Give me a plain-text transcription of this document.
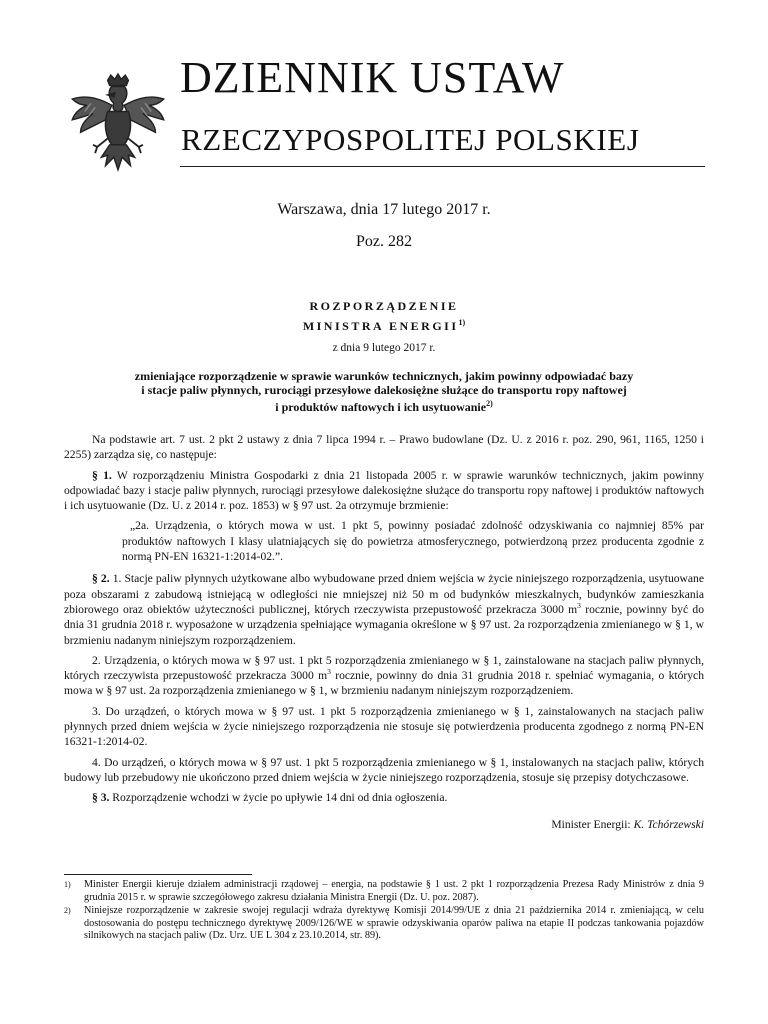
DZIENNIK USTAW
RZECZYPOSPOLITEJ POLSKIEJ
Warszawa, dnia 17 lutego 2017 r.
Poz. 282
ROZPORZĄDZENIE
MINISTRA ENERGII$^{1)}$
z dnia 9 lutego 2017 r.
zmieniające rozporządzenie w sprawie warunków technicznych, jakim powinny odpowiadać bazy
i stacje paliw płynnych, rurociągi przesyłowe dalekosiężne służące do transportu ropy naftowej
i produktów naftowych i ich usytuowanie$^{2)}$

Na podstawie art. 7 ust. 2 pkt 2 ustawy z dnia 7 lipca 1994 r. – Prawo budowlane (Dz. U. z 2016 r. poz. 290, 961, 1165, 1250 i 2255) zarządza się, co następuje:

§ 1. W rozporządzeniu Ministra Gospodarki z dnia 21 listopada 2005 r. w sprawie warunków technicznych, jakim powinny odpowiadać bazy i stacje paliw płynnych, rurociągi przesyłowe dalekosiężne służące do transportu ropy naftowej i produktów naftowych i ich usytuowanie (Dz. U. z 2014 r. poz. 1853) w § 97 ust. 2a otrzymuje brzmienie:

„2a. Urządzenia, o których mowa w ust. 1 pkt 5, powinny posiadać zdolność odzyskiwania co najmniej 85% par produktów naftowych I klasy ulatniających się do powietrza atmosferycznego, potwierdzoną przez producenta zgodnie z normą PN-EN 16321-1:2014-02.”.

§ 2. 1. Stacje paliw płynnych użytkowane albo wybudowane przed dniem wejścia w życie niniejszego rozporządzenia, usytuowane poza obszarami z zabudową istniejącą w odległości nie mniejszej niż 50 m od budynków mieszkalnych, budynków zamieszkania zbiorowego oraz obiektów użyteczności publicznej, których rzeczywista przepustowość przekracza 3000 $m^3$ rocznie, powinny być do dnia 31 grudnia 2018 r. wyposażone w urządzenia spełniające wymagania określone w § 97 ust. 2a rozporządzenia zmienianego w § 1, w brzmieniu nadanym niniejszym rozporządzeniem.

2. Urządzenia, o których mowa w § 97 ust. 1 pkt 5 rozporządzenia zmienianego w § 1, zainstalowane na stacjach paliw płynnych, których rzeczywista przepustowość przekracza 3000 $m^3$ rocznie, powinny do dnia 31 grudnia 2018 r. spełniać wymagania, o których mowa w § 97 ust. 2a rozporządzenia zmienianego w § 1, w brzmieniu nadanym niniejszym rozporządzeniem.

3. Do urządzeń, o których mowa w § 97 ust. 1 pkt 5 rozporządzenia zmienianego w § 1, zainstalowanych na stacjach paliw płynnych przed dniem wejścia w życie niniejszego rozporządzenia nie stosuje się potwierdzenia producenta zgodnego z normą PN-EN 16321-1:2014-02.

4. Do urządzeń, o których mowa w § 97 ust. 1 pkt 5 rozporządzenia zmienianego w § 1, instalowanych na stacjach paliw, których budowy lub przebudowy nie ukończono przed dniem wejścia w życie niniejszego rozporządzenia, stosuje się przepisy dotychczasowe.

§ 3. Rozporządzenie wchodzi w życie po upływie 14 dni od dnia ogłoszenia.

Minister Energii: K. Tchórzewski

1) Minister Energii kieruje działem administracji rządowej – energia, na podstawie § 1 ust. 2 pkt 1 rozporządzenia Prezesa Rady Ministrów z dnia 9 grudnia 2015 r. w sprawie szczegółowego zakresu działania Ministra Energii (Dz. U. poz. 2087).
2) Niniejsze rozporządzenie w zakresie swojej regulacji wdraża dyrektywę Komisji 2014/99/UE z dnia 21 października 2014 r. zmieniającą, w celu dostosowania do postępu technicznego dyrektywę 2009/126/WE w sprawie odzyskiwania oparów paliwa na etapie II podczas tankowania pojazdów silnikowych na stacjach paliw (Dz. Urz. UE L 304 z 23.10.2014, str. 89).
